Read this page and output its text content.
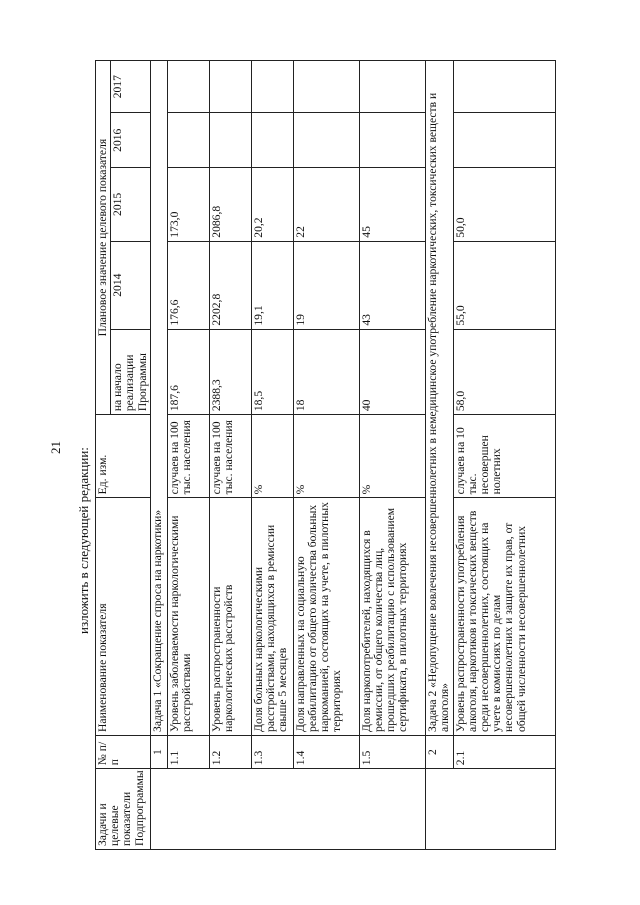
21 изложить в следующей редакции:
Задачи и целевые показатели Подпрограммы	№ п/п	Наименование показателя	Ед. изм.	Плановое значение целевого показателя				
				на начало реализации Программы	2014	2015	2016	2017
	1	Задача 1 «Сокращение спроса на наркотики»						
	1.1	Уровень заболеваемости наркологическими расстройствами	случаев на 100 тыс. населения	187,6	176,6	173,0		
	1.2	Уровень распространенности наркологических расстройств	случаев на 100 тыс. населения	2388,3	2202,8	2086,8		
	1.3	Доля больных наркологическими расстройствами, находящихся в ремиссии свыше 5 месяцев	%	18,5	19,1	20,2		
	1.4	Доля направленных на социальную реабилитацию от общего количества больных наркоманией, состоящих на учете, в пилотных территориях	%	18	19	22		
	1.5	Доля наркопотребителей, находящихся в ремиссии, от общего количества лиц, прошедших реабилитацию с использованием сертификата, в пилотных территориях	%	40	43	45		
	2	Задача 2 «Недопущение вовлечения несовершеннолетних в немедицинское употребление наркотических, токсических веществ и алкоголя»						
	2.1	Уровень распространенности употребления алкоголя, наркотиков и токсических веществ среди несовершеннолетних, состоящих на учете в комиссиях по делам несовершеннолетних и защите их прав, от общей численности несовершеннолетних	случаев на 10 тыс. несовершен нолетних	58,0	55,0	50,0		
